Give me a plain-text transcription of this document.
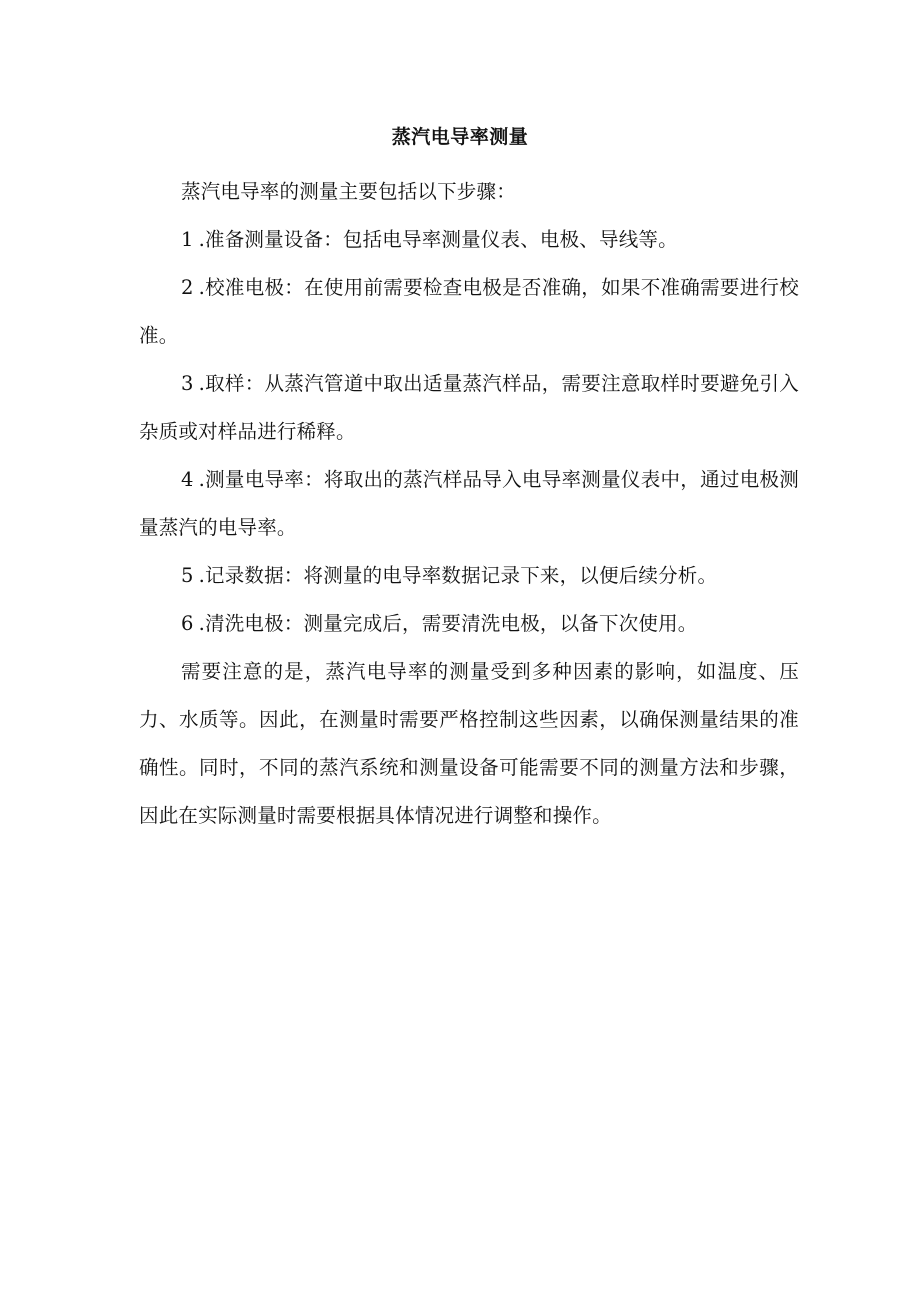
蒸汽电导率测量

蒸汽电导率的测量主要包括以下步骤：

1 .准备测量设备：包括电导率测量仪表、电极、导线等。

2 .校准电极：在使用前需要检查电极是否准确，如果不准确需要进行校准。

3 .取样：从蒸汽管道中取出适量蒸汽样品，需要注意取样时要避免引入杂质或对样品进行稀释。

4 .测量电导率：将取出的蒸汽样品导入电导率测量仪表中，通过电极测量蒸汽的电导率。

5 .记录数据：将测量的电导率数据记录下来，以便后续分析。

6 .清洗电极：测量完成后，需要清洗电极，以备下次使用。

需要注意的是，蒸汽电导率的测量受到多种因素的影响，如温度、压力、水质等。因此，在测量时需要严格控制这些因素，以确保测量结果的准确性。同时，不同的蒸汽系统和测量设备可能需要不同的测量方法和步骤，因此在实际测量时需要根据具体情况进行调整和操作。
